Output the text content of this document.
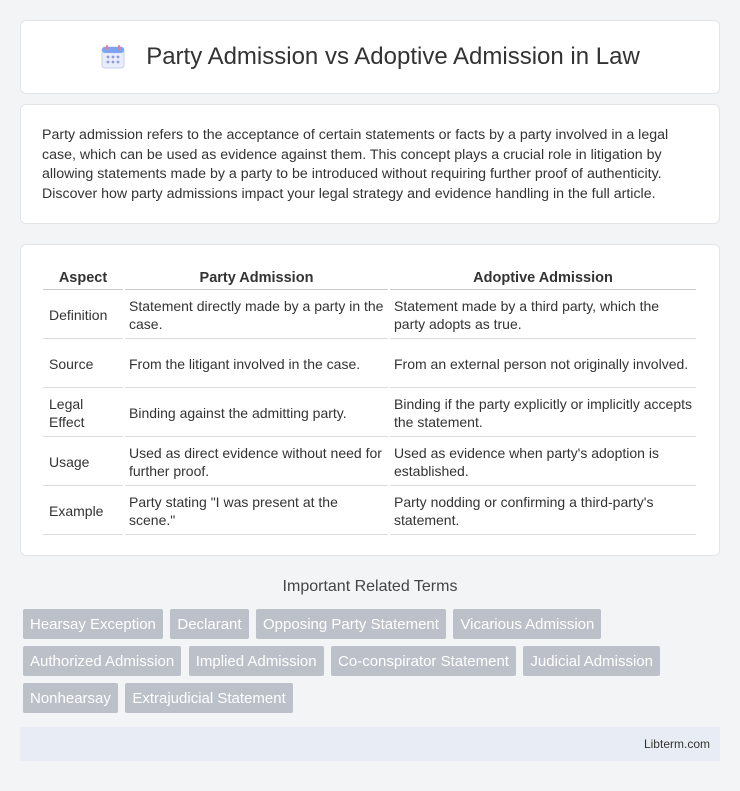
Party Admission vs Adoptive Admission in Law

Party admission refers to the acceptance of certain statements or facts by a party involved in a legal case, which can be used as evidence against them. This concept plays a crucial role in litigation by allowing statements made by a party to be introduced without requiring further proof of authenticity. Discover how party admissions impact your legal strategy and evidence handling in the full article.

Aspect	Party Admission	Adoptive Admission
Definition	Statement directly made by a party in the case.	Statement made by a third party, which the party adopts as true.
Source	From the litigant involved in the case.	From an external person not originally involved.
Legal Effect	Binding against the admitting party.	Binding if the party explicitly or implicitly accepts the statement.
Usage	Used as direct evidence without need for further proof.	Used as evidence when party's adoption is established.
Example	Party stating "I was present at the scene."	Party nodding or confirming a third-party's statement.
Important Related Terms
Hearsay Exception Declarant Opposing Party Statement Vicarious Admission Authorized Admission Implied Admission Co-conspirator Statement Judicial Admission Nonhearsay Extrajudicial Statement
Libterm.com
